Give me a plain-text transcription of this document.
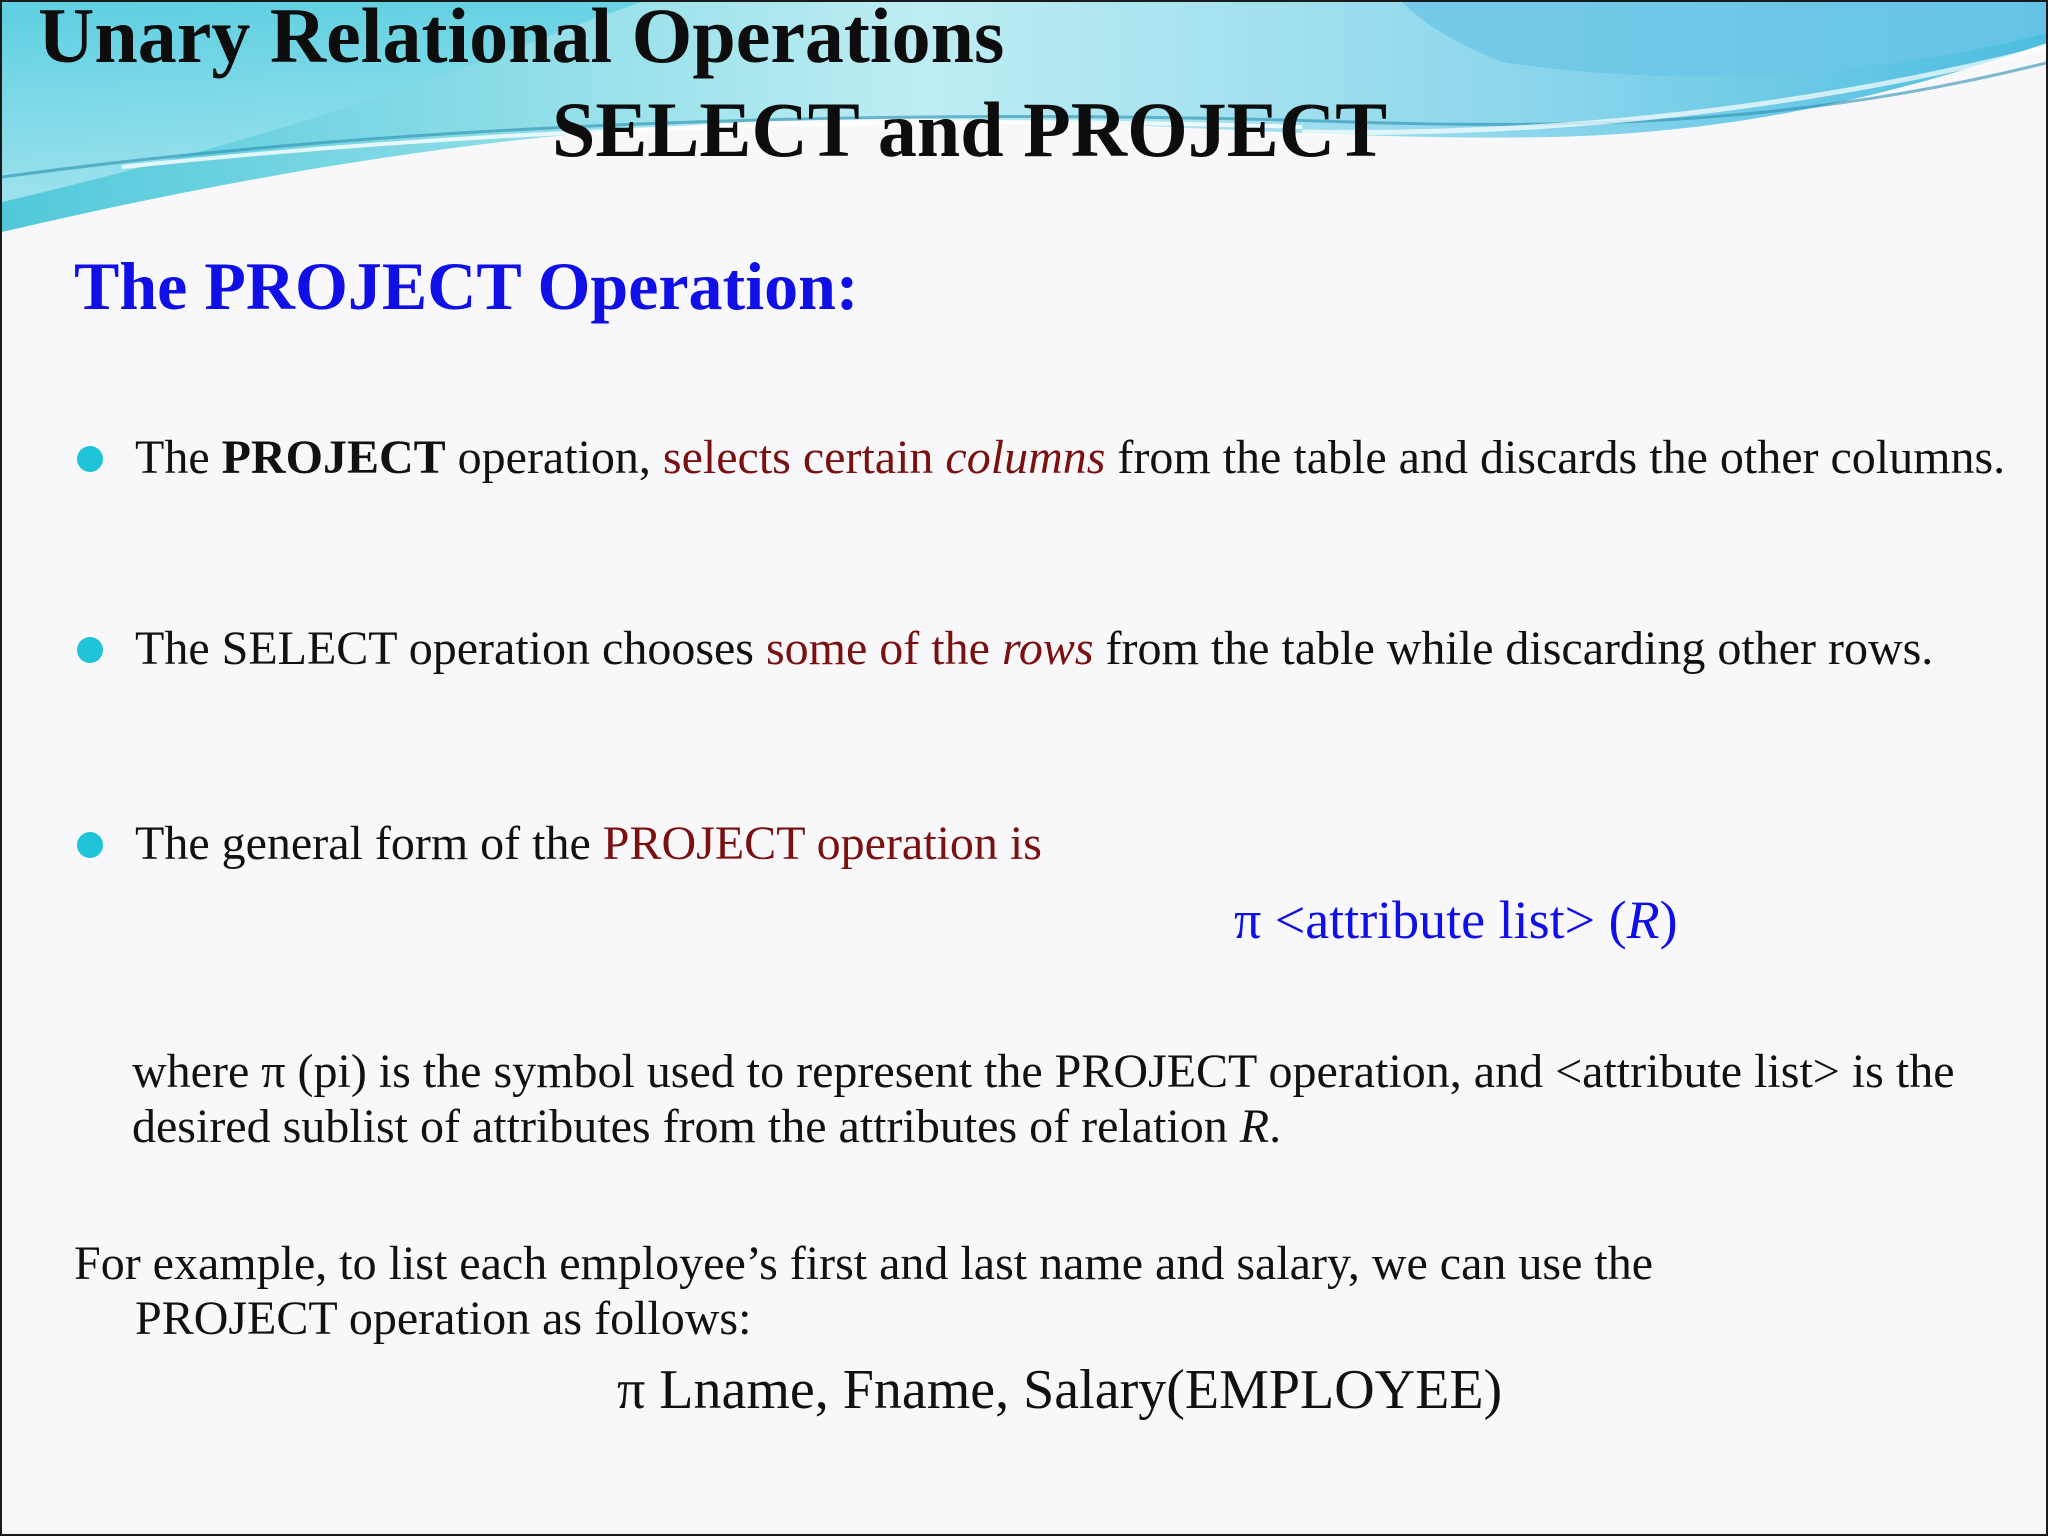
Unary Relational Operations
SELECT and PROJECT
The PROJECT Operation:
The PROJECT operation, selects certain columns from the table and discards the other columns.
The SELECT operation chooses some of the rows from the table while discarding other rows.
The general form of the PROJECT operation is
π <attribute list> (R)
where π (pi) is the symbol used to represent the PROJECT operation, and <attribute list> is the desired sublist of attributes from the attributes of relation R.
For example, to list each employee’s first and last name and salary, we can use the
PROJECT operation as follows:
π Lname, Fname, Salary(EMPLOYEE)
